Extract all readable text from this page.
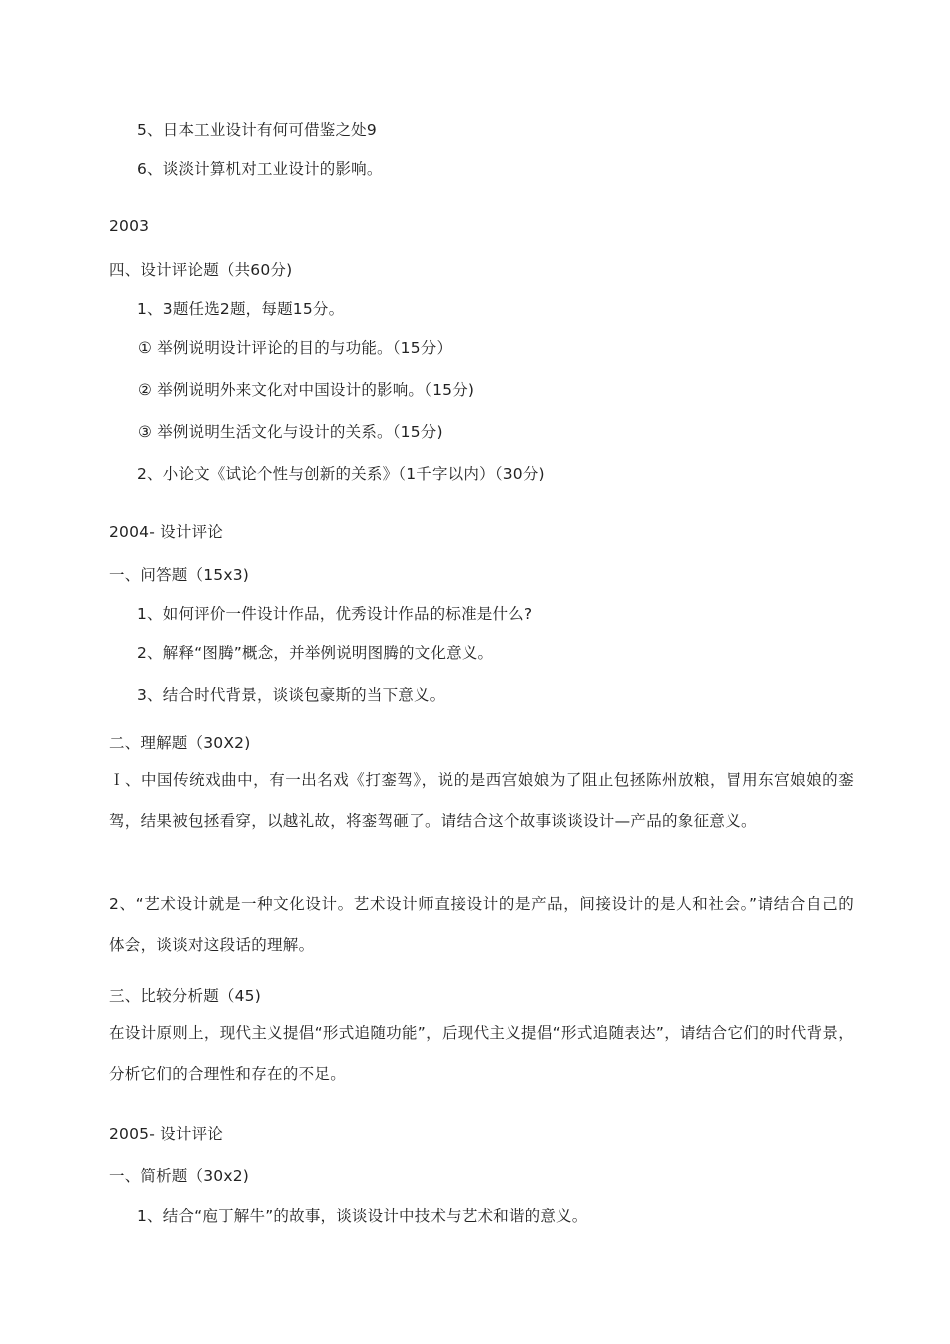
5、日本工业设计有何可借鉴之处9
6、谈淡计算机对工业设计的影响。
2003
四、设计评论题（共60分)
1、3题任选2题，每题15分。
① 举例说明设计评论的目的与功能。（15分）
② 举例说明外来文化对中国设计的影响。（15分)
③ 举例说明生活文化与设计的关系。（15分)
2、小论文《试论个性与创新的关系》（1千字以内）（30分)
2004- 设计评论
一、问答题（15x3)
1、如何评价一件设计作品，优秀设计作品的标准是什么?
2、解释“图腾”概念，并举例说明图腾的文化意义。
3、结合时代背景，谈谈包豪斯的当下意义。
二、理解题（30X2)
Ｉ、中国传统戏曲中，有一出名戏《打銮驾》，说的是西宫娘娘为了阻止包拯陈州放粮，冒用东宫娘娘的銮驾，结果被包拯看穿，以越礼故，将銮驾砸了。请结合这个故事谈谈设计—产品的象征意义。
2、“艺术设计就是一种文化设计。艺术设计师直接设计的是产品，间接设计的是人和社会。”请结合自己的体会，谈谈对这段话的理解。
三、比较分析题（45)
在设计原则上，现代主义提倡“形式追随功能”，后现代主义提倡“形式追随表达”，请结合它们的时代背景，分析它们的合理性和存在的不足。
2005- 设计评论
一、简析题（30x2)
1、结合“庖丁解牛”的故事，谈谈设计中技术与艺术和谐的意义。
